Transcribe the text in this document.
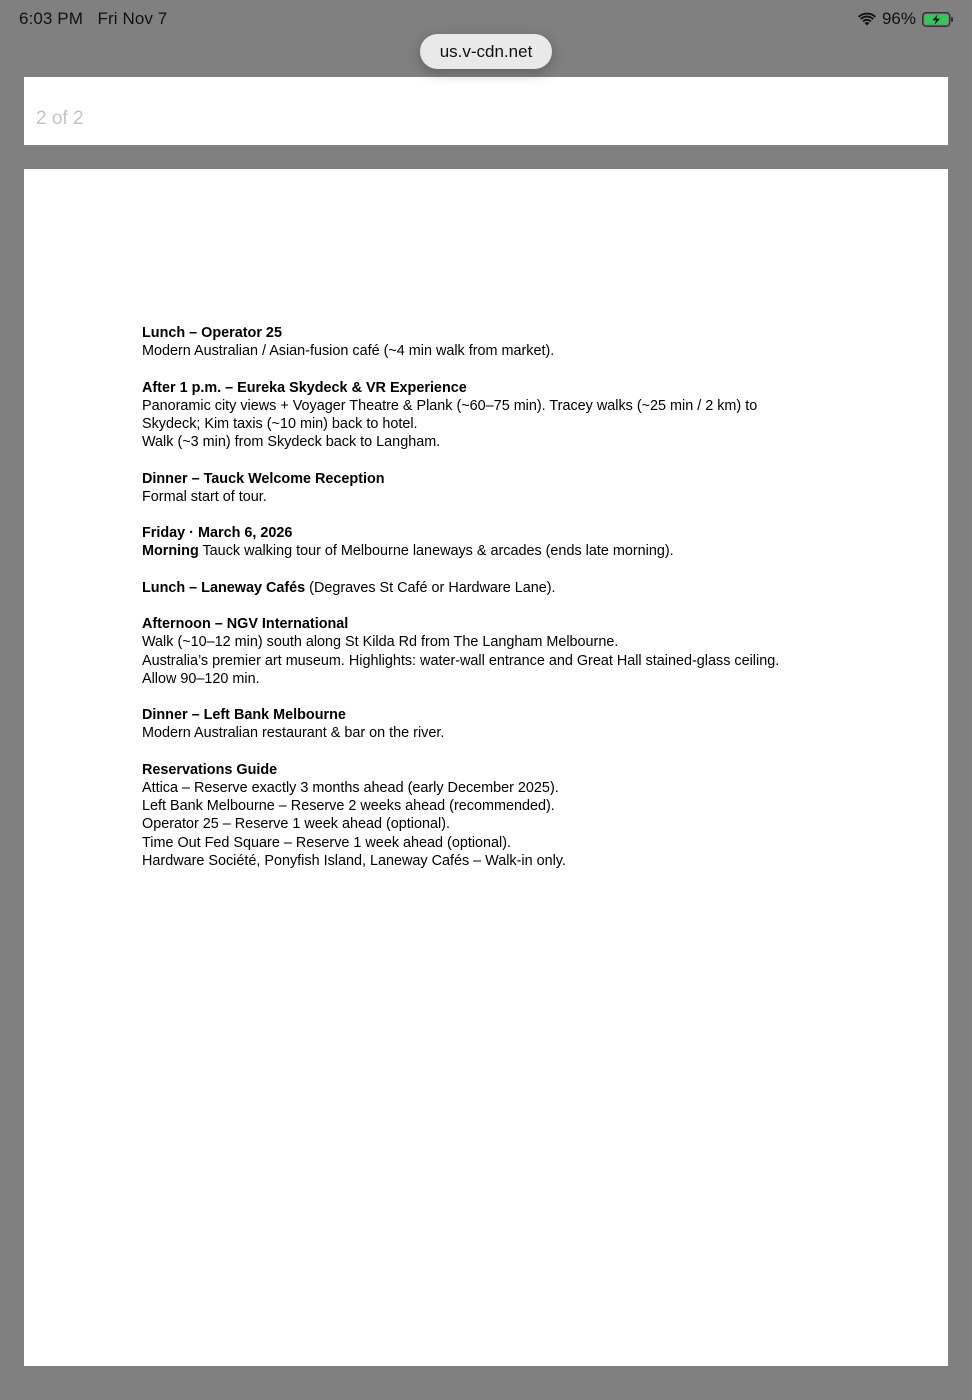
6:03 PM Fri Nov 7	96%
2 of 2
us.v-cdn.net

Lunch – Operator 25
Modern Australian / Asian-fusion café (~4 min walk from market).

After 1 p.m. – Eureka Skydeck & VR Experience
Panoramic city views + Voyager Theatre & Plank (~60–75 min). Tracey walks (~25 min / 2 km) to
Skydeck; Kim taxis (~10 min) back to hotel.
Walk (~3 min) from Skydeck back to Langham.

Dinner – Tauck Welcome Reception
Formal start of tour.

Friday · March 6, 2026
Morning Tauck walking tour of Melbourne laneways & arcades (ends late morning).

Lunch – Laneway Cafés (Degraves St Café or Hardware Lane).

Afternoon – NGV International
Walk (~10–12 min) south along St Kilda Rd from The Langham Melbourne.
Australia’s premier art museum. Highlights: water-wall entrance and Great Hall stained-glass ceiling.
Allow 90–120 min.

Dinner – Left Bank Melbourne
Modern Australian restaurant & bar on the river.

Reservations Guide
Attica – Reserve exactly 3 months ahead (early December 2025).
Left Bank Melbourne – Reserve 2 weeks ahead (recommended).
Operator 25 – Reserve 1 week ahead (optional).
Time Out Fed Square – Reserve 1 week ahead (optional).
Hardware Société, Ponyfish Island, Laneway Cafés – Walk-in only.
